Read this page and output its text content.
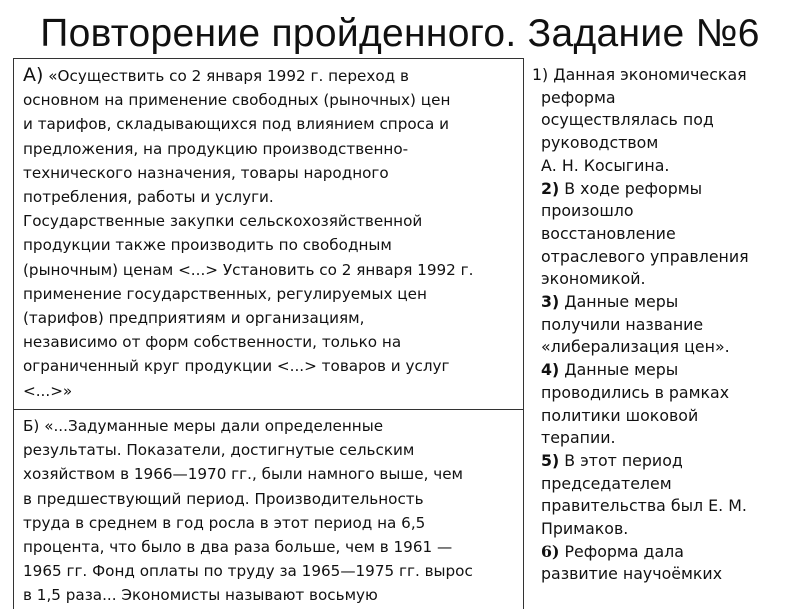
Повторение пройденного. Задание №6
А) «Осуществить со 2 января 1992 г. переход в
основном на применение свободных (рыночных) цен
и тарифов, складывающихся под влиянием спроса и
предложения, на продукцию производственно-
технического назначения, товары народного
потребления, работы и услуги.
Государственные закупки сельскохозяйственной
продукции также производить по свободным
(рыночным) ценам <...> Установить со 2 января 1992 г.
применение государственных, регулируемых цен
(тарифов) предприятиям и организациям,
независимо от форм собственности, только на
ограниченный круг продукции <...> товаров и услуг
<...>»
Б) «...Задуманные меры дали определенные
результаты. Показатели, достигнутые сельским
хозяйством в 1966—1970 гг., были намного выше, чем
в предшествующий период. Производительность
труда в среднем в год росла в этот период на 6,5
процента, что было в два раза больше, чем в 1961 —
1965 гг. Фонд оплаты по труду за 1965—1975 гг. вырос
в 1,5 раза... Экономисты называют восьмую
1) Данная экономическая
реформа
осуществлялась под
руководством
А. Н. Косыгина.
2) В ходе реформы
произошло
восстановление
отраслевого управления
экономикой.
3) Данные меры
получили название
«либерализация цен».
4) Данные меры
проводились в рамках
политики шоковой
терапии.
5) В этот период
председателем
правительства был Е. М.
Примаков.
6) Реформа дала
развитие научоёмких
